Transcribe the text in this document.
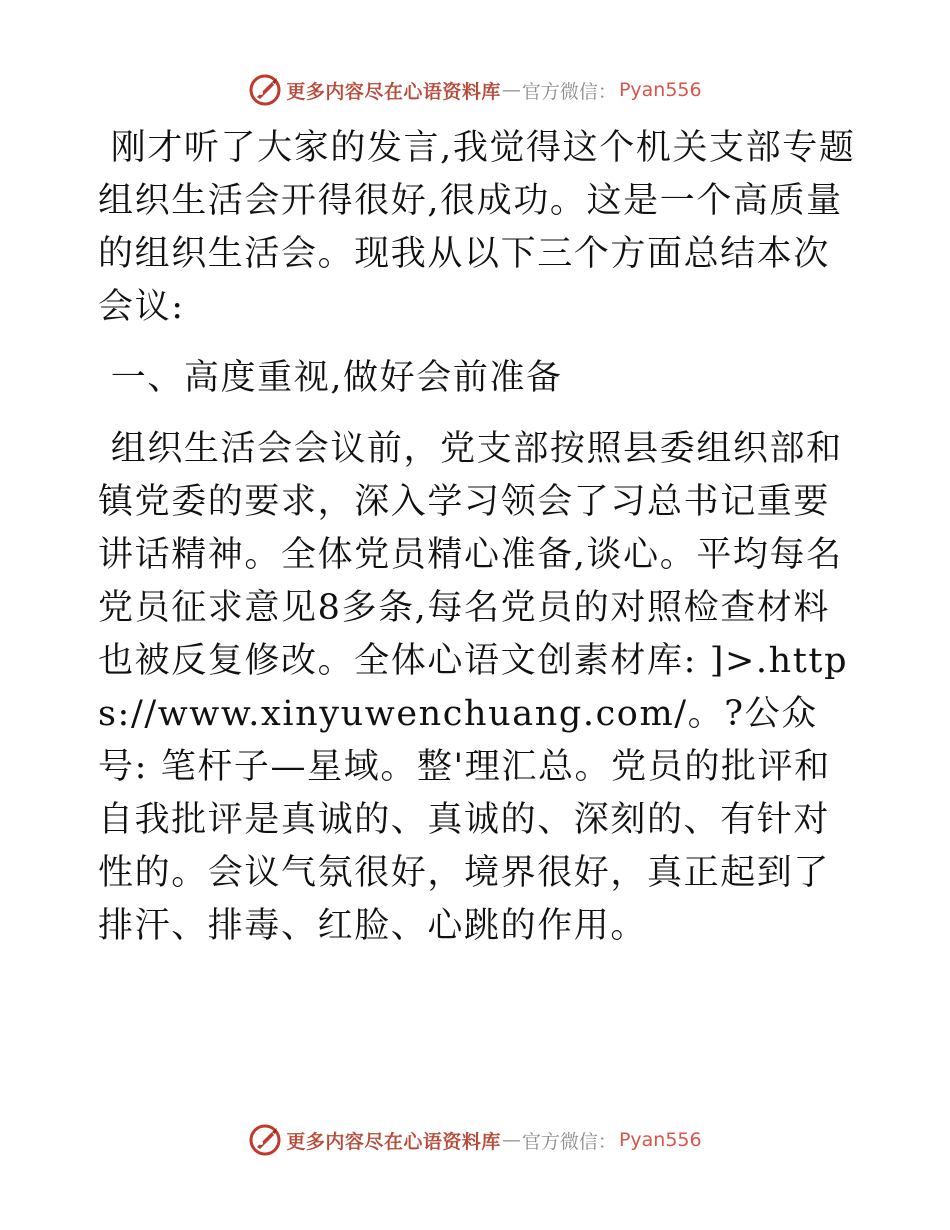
更多内容尽在心语资料库 — 官方微信： Pyan556

刚才听了大家的发言,我觉得这个机关支部专题组织生活会开得很好,很成功。这是一个高质量的组织生活会。现我从以下三个方面总结本次会议:

一、高度重视,做好会前准备

组织生活会会议前，党支部按照县委组织部和镇党委的要求，深入学习领会了习总书记重要讲话精神。全体党员精心准备,谈心。平均每名党员征求意见8多条,每名党员的对照检查材料也被反复修改。全体心语文创素材库: ]>.https://www.xinyuwenchuang.com/。?公众号: 笔杆子—星域。整'理汇总。党员的批评和自我批评是真诚的、真诚的、深刻的、有针对性的。会议气氛很好，境界很好，真正起到了排汗、排毒、红脸、心跳的作用。

更多内容尽在心语资料库 — 官方微信： Pyan556
